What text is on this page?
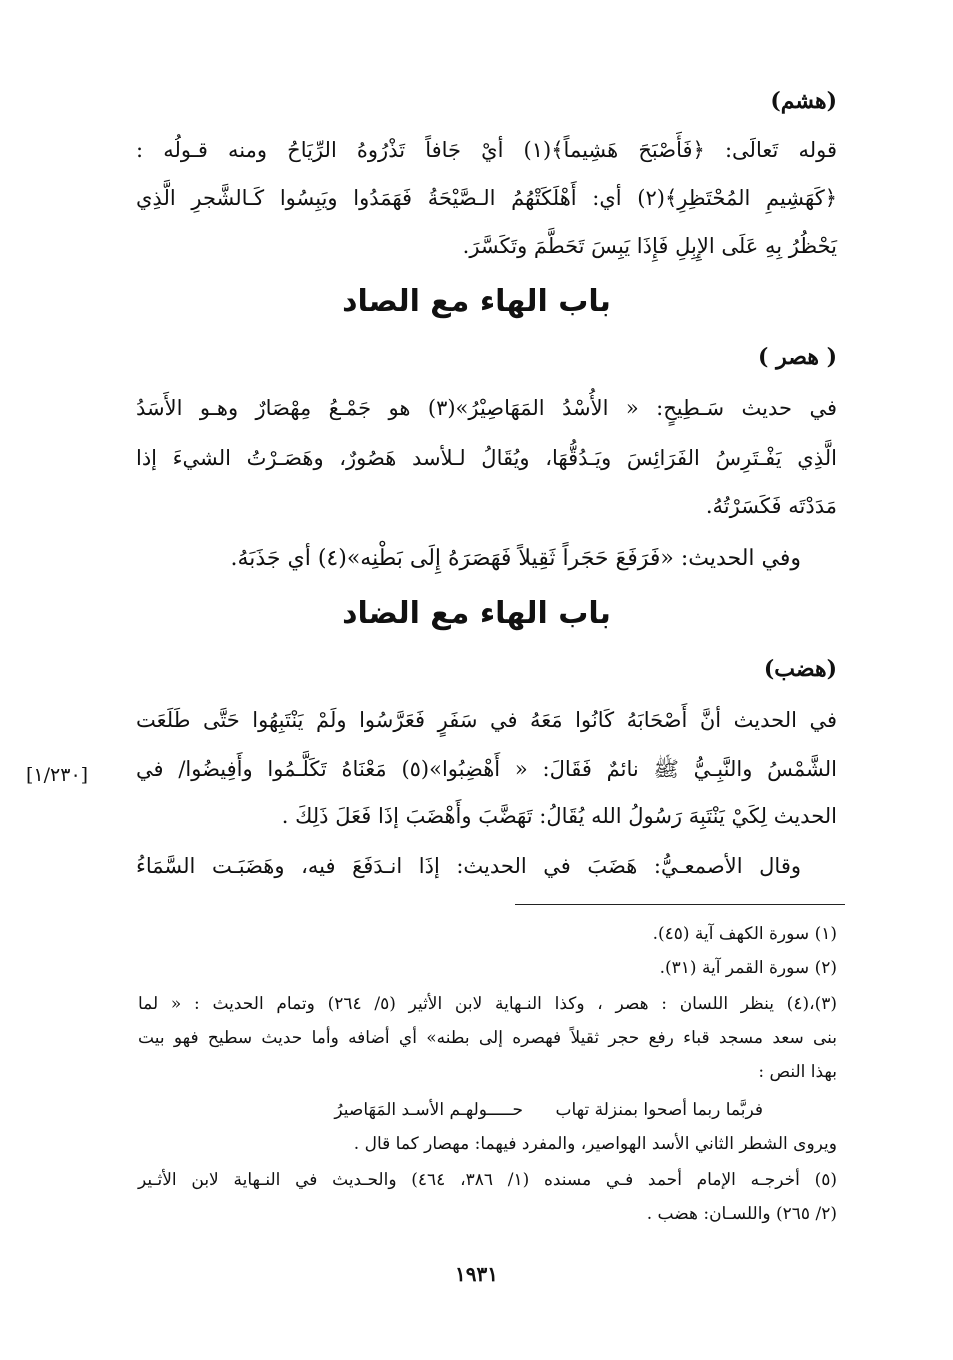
(هشم)
قوله تَعالَى: ﴿فَأَصْبَحَ هَشِيماً﴾(١) أيْ جَافاً تَذْرُوهُ الرِّيَاحُ ومنه قـولُه :
﴿كَهَشِيمِ المُحْتَظِرِ﴾(٢) أي: أَهْلَكَتْهُمُ الـصَّيْحَةُ فَهَمَدُوا ويَبِسُوا كَـالشَّجرِ الَّذِي
يَحْظُرُ بِهِ عَلَى الإِبِلِ فَإِذَا يَبِسَ تَحَطَّمَ وتَكَسَّرَ.
باب الهاء مع الصاد
( هصر )
في حديث سَـطِيحٍ: « الأُسْدُ المَهَاصِيْرُ»(٣) هو جَمْـعُ مِهْصَارٌ وهـو الأَسَدُ
الَّذِي يَفْـتَرِسُ الفَرَائِسَ ويَـدُقُّهَا، ويُقَالُ لـلأسد هَصُورٌ، وهَصَـرْتُ الشيءَ إذا
مَدَدْتَه فَكَسَرْتُهُ.
وفي الحديث: «فَرَفَعَ حَجَراً ثَقِيلاً فَهَصَرَهُ إِلَى بَطْنِه»(٤) أي جَذَبَهُ.
باب الهاء مع الضاد
(هضب)
في الحديث أنَّ أَصْحَابَهُ كَانُوا مَعَهُ في سَفَرٍ فَعَرَّسُوا ولَمْ يَنْتَبِهُوا حَتَّى طَلَعَت
الشَّمْسُ والنَّبِـيُّ ﷺ نائمٌ فَقَالَ: « أَهْضِبُوا»(٥) مَعْنَاهُ تَكَلَّـمُوا وأَفِيضُوا/ في
الحديث لِكَيْ يَنْتَبِهَ رَسُولُ الله يُقَالُ: تَهَضَّبَ وأَهْضَبَ إذَا فَعَلَ ذَلِكَ .
وقال الأصمعـيُّ: هَضَبَ في الحديث: إذَا انـدَفَعَ فيه، وهَضَبَـت السَّمَاءُ
[١/٢٣٠]
(١) سورة الكهف آية (٤٥).
(٢) سورة القمر آية (٣١).
(٣)،(٤) ينظر اللسان : هصر ، وكذا النـهاية لابن الأثير (٥/ ٢٦٤) وتمام الحديث : « لما
بنى سعد مسجد قباء رفع حجر ثقيلاً فهصره إلى بطنه» أي أضافه وأما حديث سطيح فهو بيت
بهذا النص :
فربَّما ربما أصحوا بمنزلة تهاب
حـــــولهـم الأسـد المَهَاصيرُ
ويروى الشطر الثاني الأسد الهواصير، والمفرد فيهما: مهصار كما قال .
(٥) أخرجـه الإمام أحمد فـي مسنده (١/ ٣٨٦، ٤٦٤) والحـديث في النـهاية لابن الأثـير
(٢/ ٢٦٥) واللسـان: هضب .
١٩٣١
